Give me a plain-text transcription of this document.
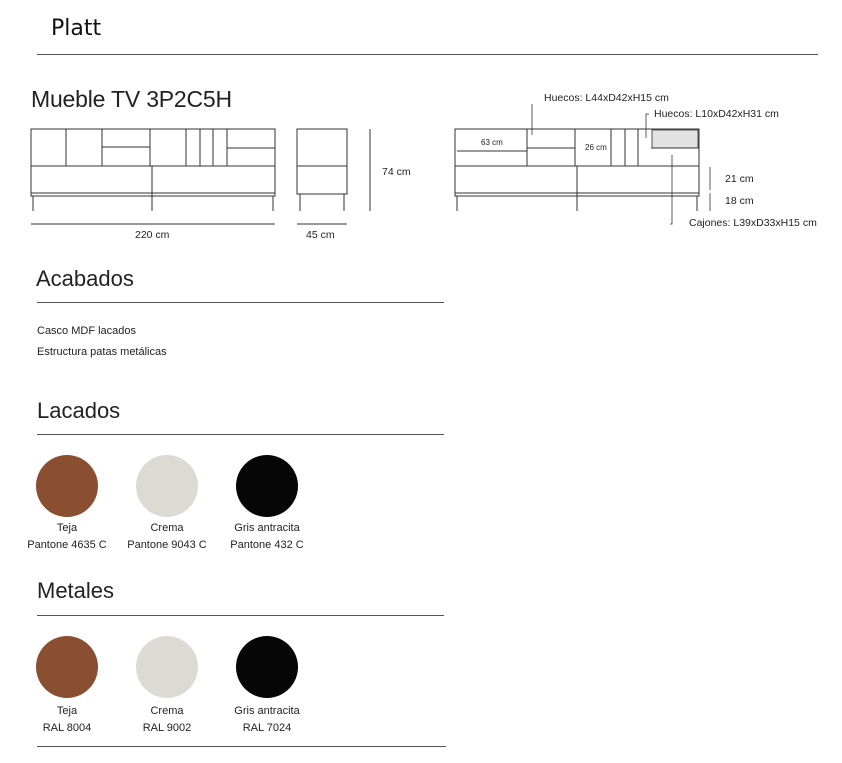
Platt
Mueble TV 3P2C5H
220 cm	45 cm
74 cm
Huecos: L44xD42xH15 cm
Huecos: L10xD42xH31 cm
Cajones: L39xD33xH15 cm
63 cm
26 cm
21 cm
18 cm
Acabados
Casco MDF lacados
Estructura patas metálicas
Lacados
Teja
Pantone 4635 C
Crema
Pantone 9043 C
Gris antracita
Pantone 432 C
Metales
Teja
RAL 8004
Crema
RAL 9002
Gris antracita
RAL 7024
